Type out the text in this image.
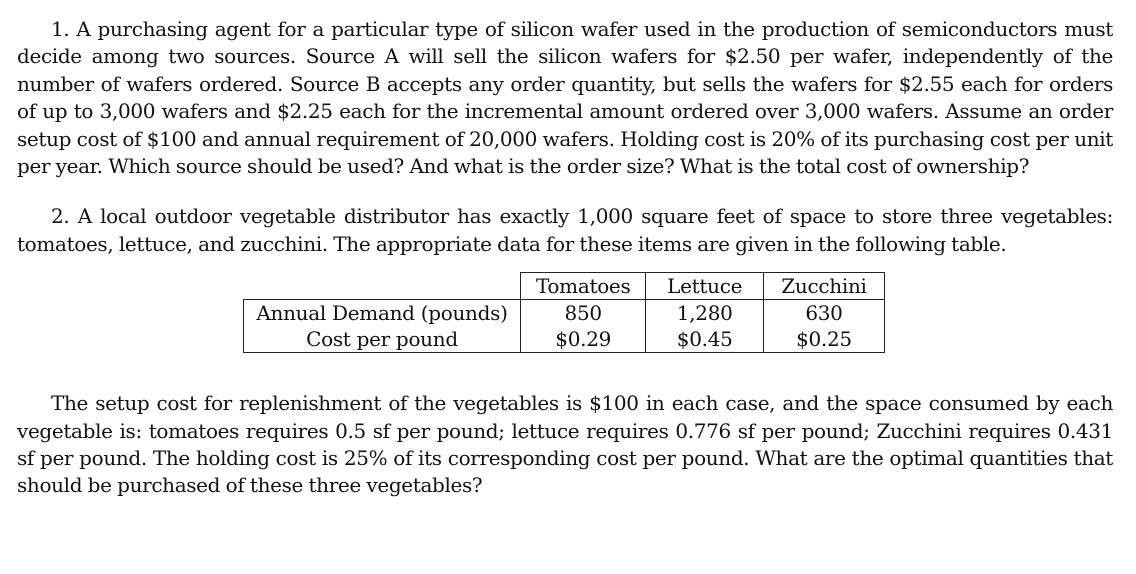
1. A purchasing agent for a particular type of silicon wafer used in the production of semiconductors must decide among two sources. Source A will sell the silicon wafers for $2.50 per wafer, independently of the number of wafers ordered. Source B accepts any order quantity, but sells the wafers for $2.55 each for orders of up to 3,000 wafers and $2.25 each for the incremental amount ordered over 3,000 wafers. Assume an order setup cost of $100 and annual requirement of 20,000 wafers. Holding cost is 20% of its purchasing cost per unit per year. Which source should be used? And what is the order size? What is the total cost of ownership?

2. A local outdoor vegetable distributor has exactly 1,000 square feet of space to store three vegetables: tomatoes, lettuce, and zucchini. The appropriate data for these items are given in the following table.

	Tomatoes	Lettuce	Zucchini
Annual Demand (pounds)	850	1,280	630
Cost per pound	$0.29	$0.45	$0.25

The setup cost for replenishment of the vegetables is $100 in each case, and the space consumed by each vegetable is: tomatoes requires 0.5 sf per pound; lettuce requires 0.776 sf per pound; Zucchini requires 0.431 sf per pound. The holding cost is 25% of its corresponding cost per pound. What are the optimal quantities that should be purchased of these three vegetables?
